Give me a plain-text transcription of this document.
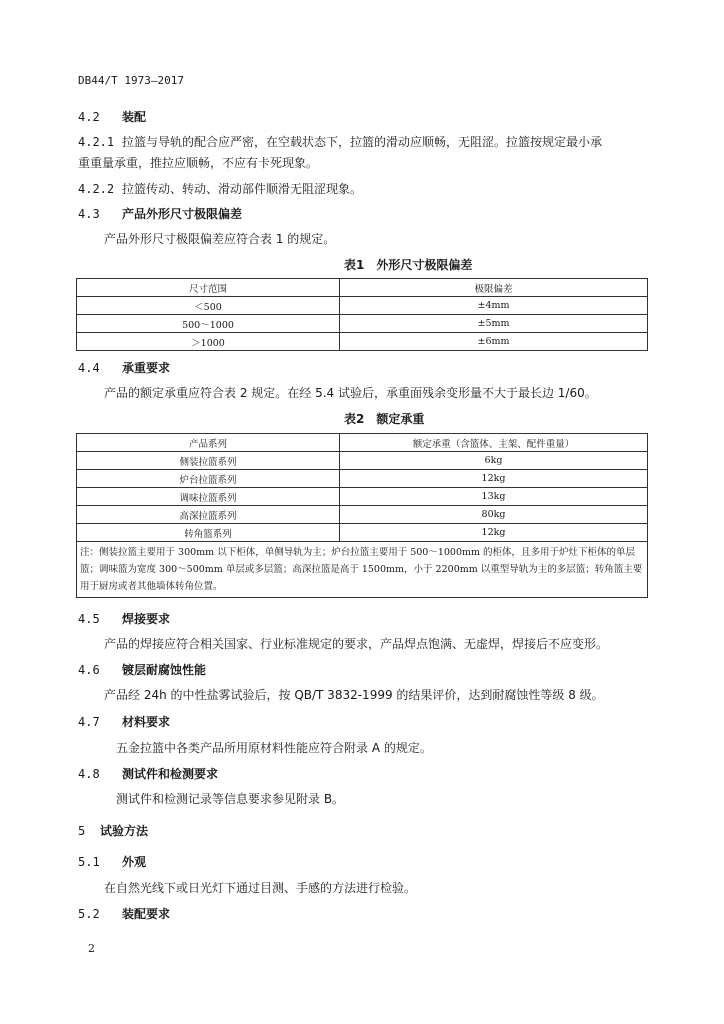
DB44/T 1973—2017
4.2 装配
4.2.1 拉篮与导轨的配合应严密，在空载状态下，拉篮的滑动应顺畅，无阻涩。拉篮按规定最小承
重重量承重，推拉应顺畅，不应有卡死现象。
4.2.2 拉篮传动、转动、滑动部件顺滑无阻涩现象。
4.3 产品外形尺寸极限偏差
产品外形尺寸极限偏差应符合表 1 的规定。
表1　外形尺寸极限偏差
尺寸范围	极限偏差
＜500	±4mm
500～1000	±5mm
＞1000	±6mm
4.4 承重要求
产品的额定承重应符合表 2 规定。在经 5.4 试验后，承重面残余变形量不大于最长边 1/60。
表2　额定承重
产品系列	额定承重（含篮体、主架、配件重量）
侧装拉篮系列	6kg
炉台拉篮系列	12kg
调味拉篮系列	13kg
高深拉篮系列	80kg
转角篮系列	12kg
注：侧装拉篮主要用于 300mm 以下柜体，单侧导轨为主；炉台拉篮主要用于 500～1000mm 的柜体，且多用于炉灶下柜体的单层篮；调味篮为宽度 300～500mm 单层或多层篮；高深拉篮是高于 1500mm，小于 2200mm 以重型导轨为主的多层篮；转角篮主要用于厨房或者其他墙体转角位置。	
4.5 焊接要求
产品的焊接应符合相关国家、行业标准规定的要求，产品焊点饱满、无虚焊，焊接后不应变形。
4.6 镀层耐腐蚀性能
产品经 24h 的中性盐雾试验后，按 QB/T 3832-1999 的结果评价，达到耐腐蚀性等级 8 级。
4.7 材料要求
五金拉篮中各类产品所用原材料性能应符合附录 A 的规定。
4.8 测试件和检测要求
测试件和检测记录等信息要求参见附录 B。
5 试验方法
5.1 外观
在自然光线下或日光灯下通过目测、手感的方法进行检验。
5.2 装配要求
2
